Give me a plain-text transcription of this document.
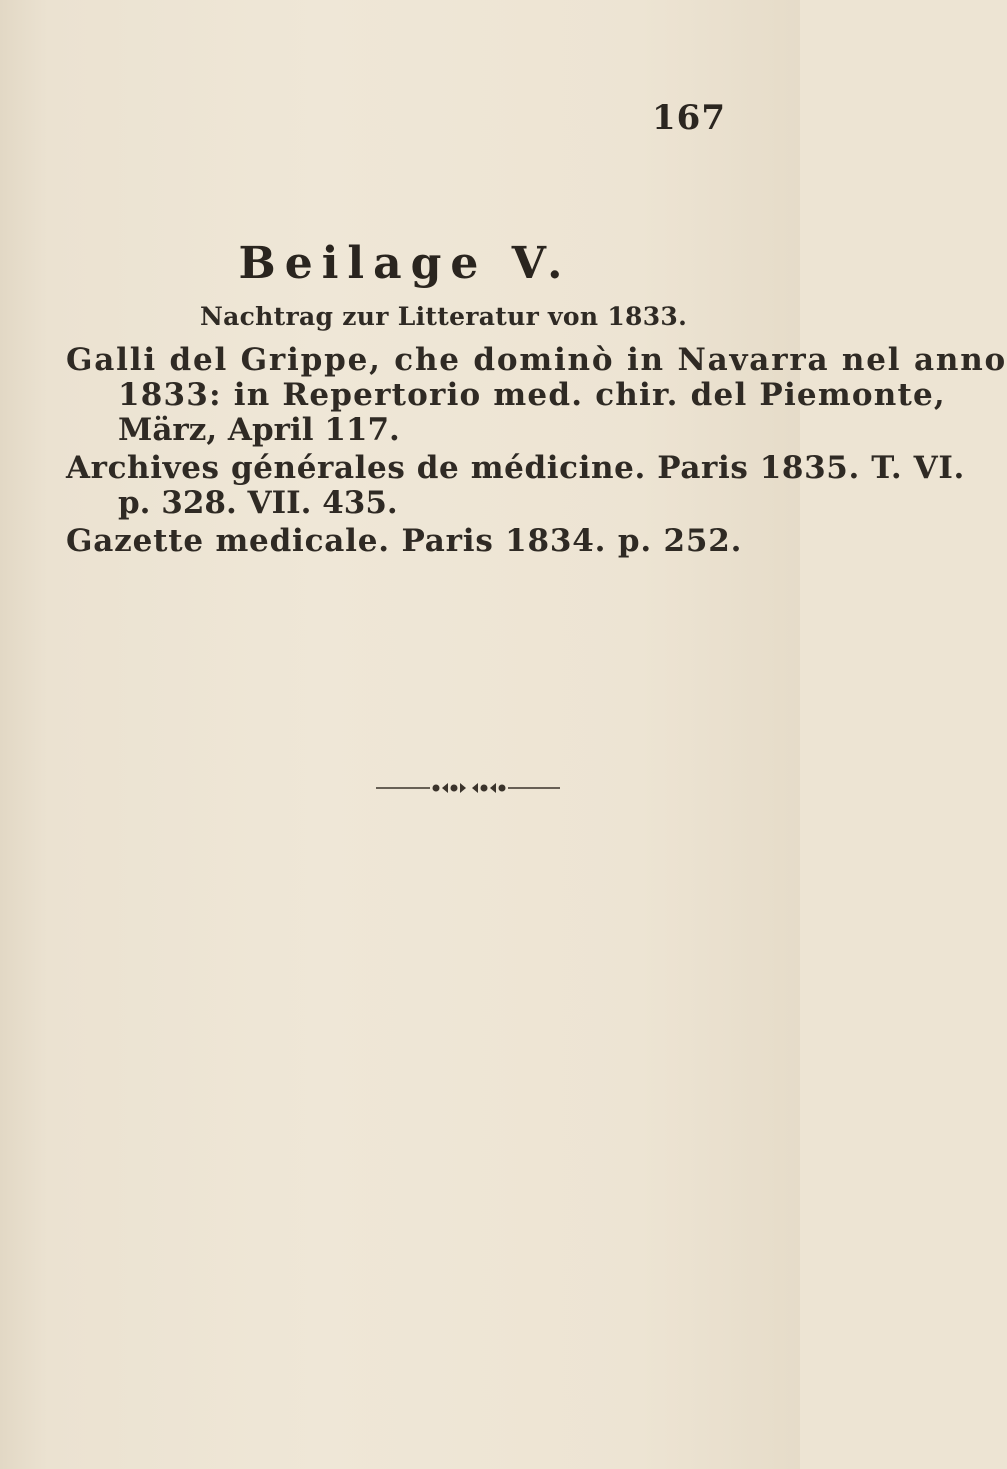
167
Beilage V.
Nachtrag zur Litteratur von 1833.
Galli del Grippe, che dominò in Navarra nel anno
1833: in Repertorio med. chir. del Piemonte,
März, April 117.
Archives générales de médicine. Paris 1835. T. VI.
p. 328. VII. 435.
Gazette medicale. Paris 1834. p. 252.
